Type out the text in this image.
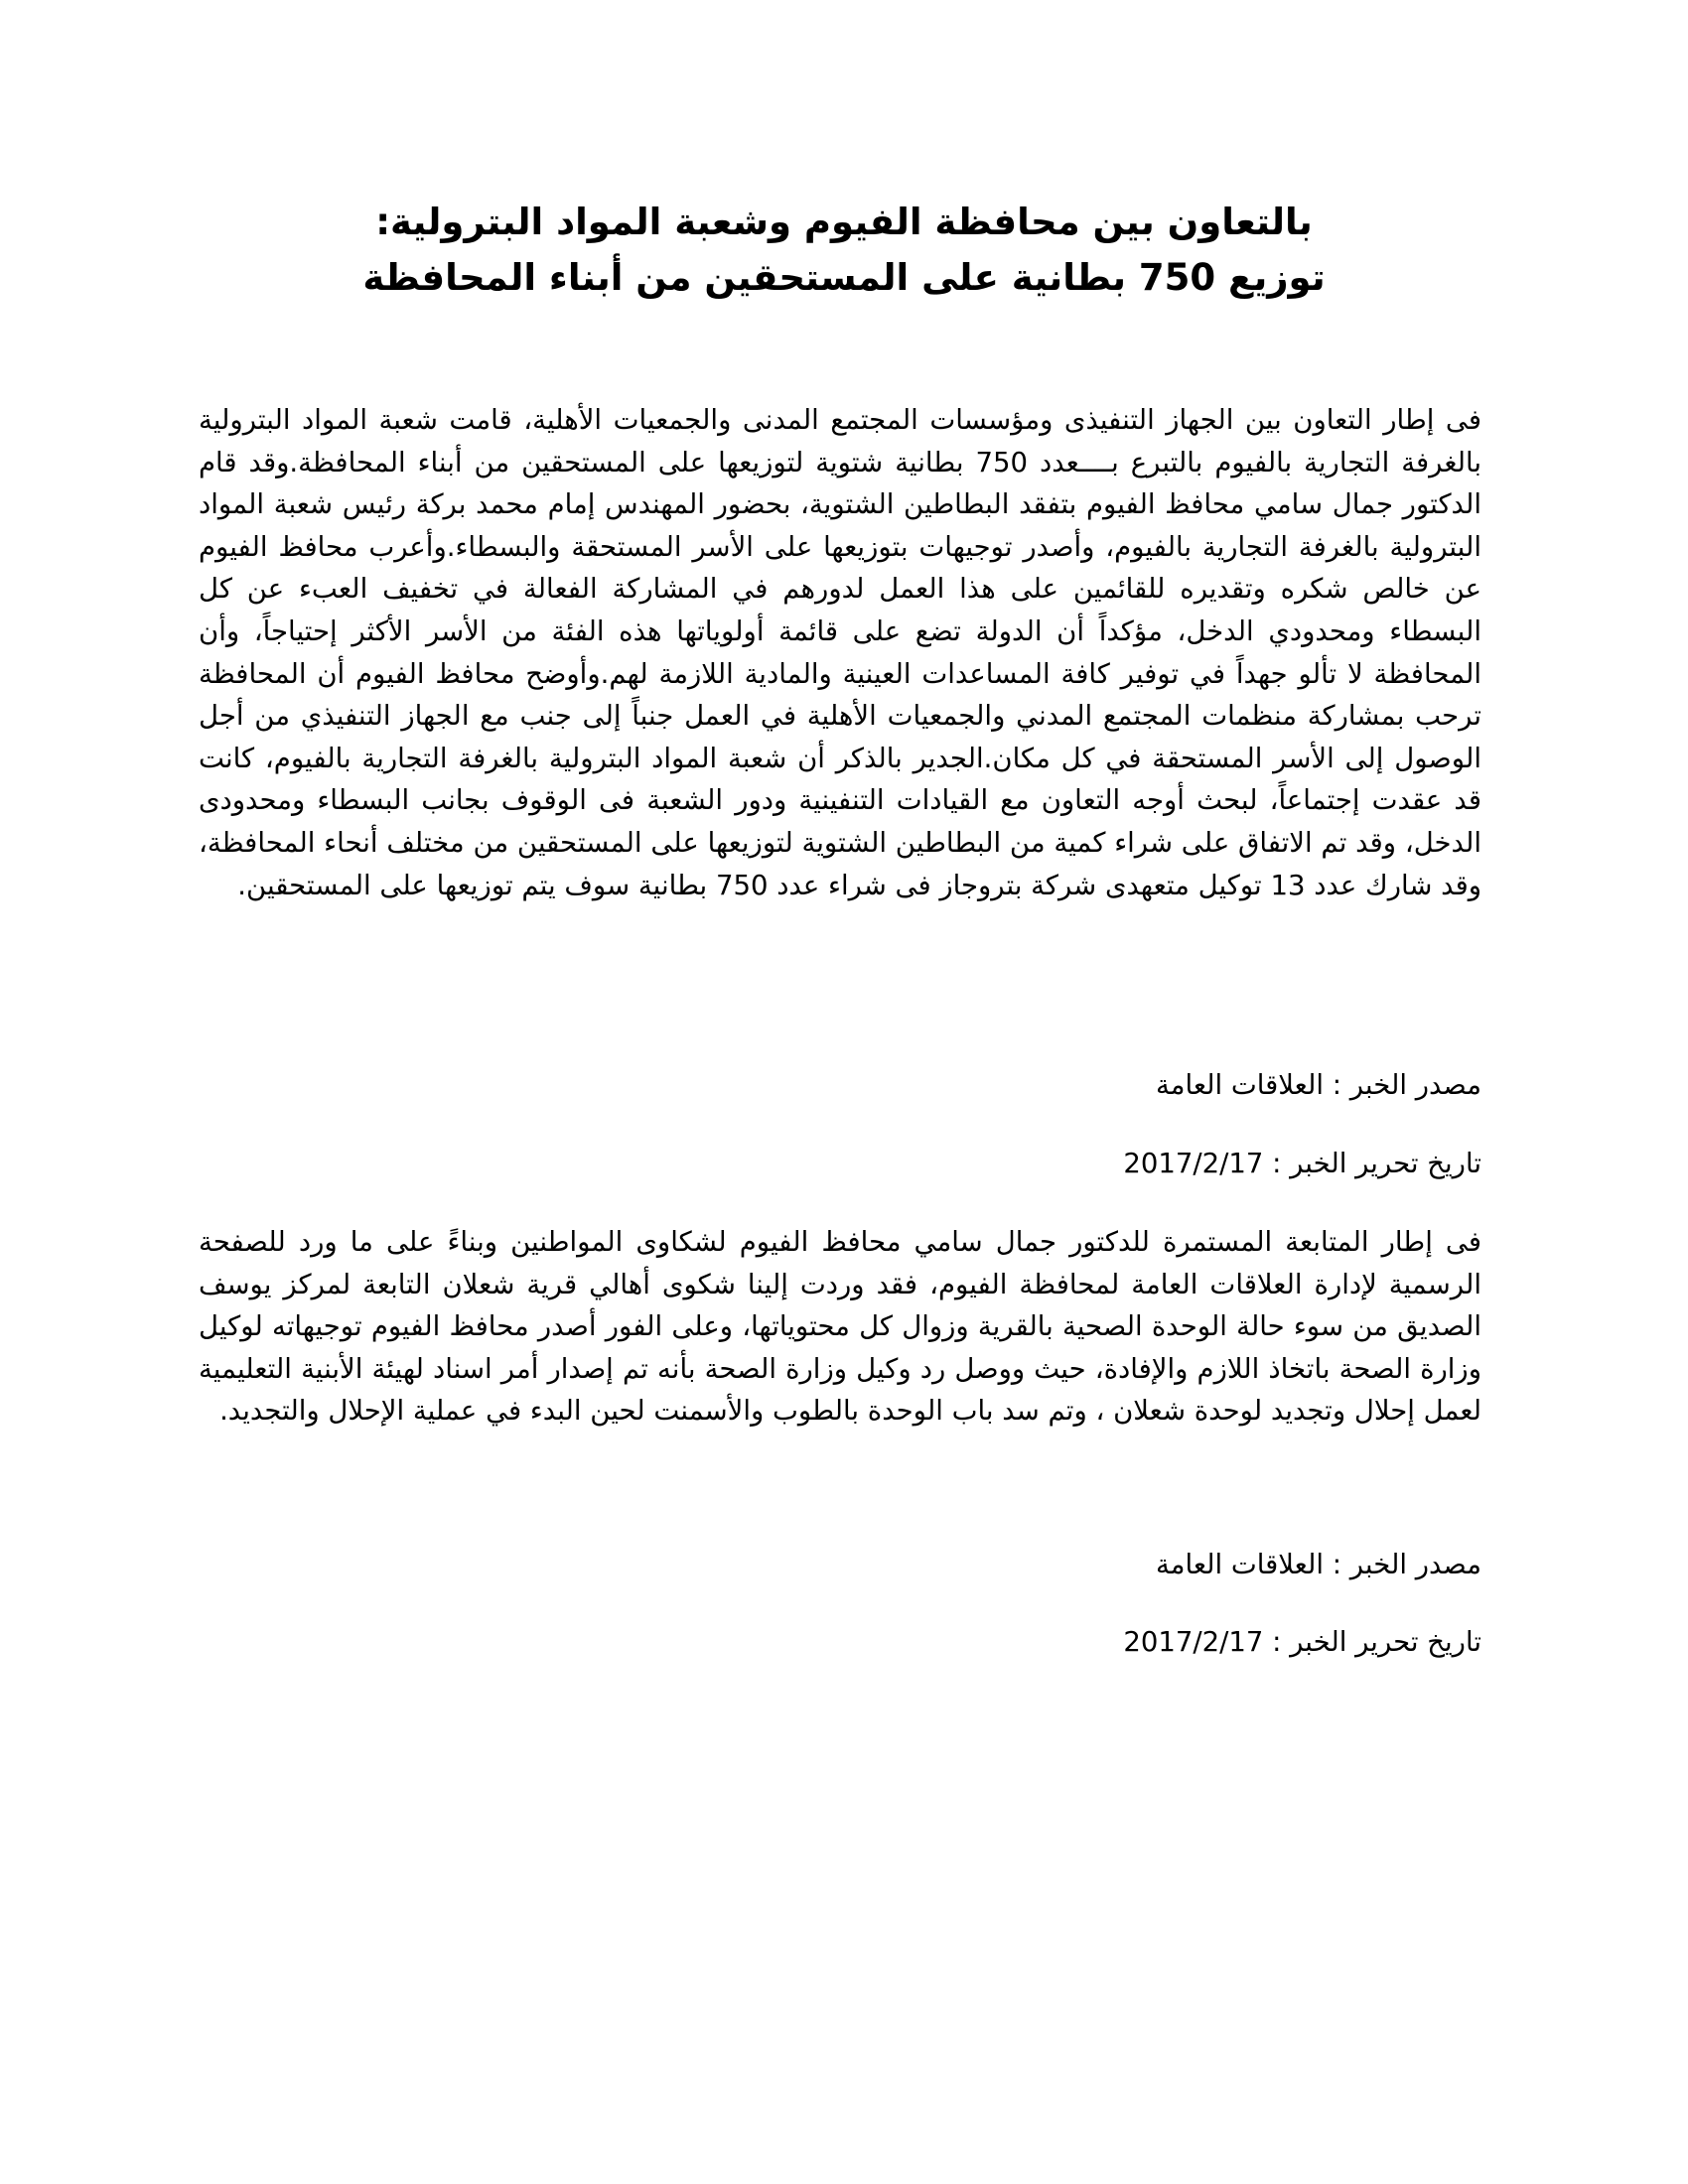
بالتعاون بين محافظة الفيوم وشعبة المواد البترولية:
توزيع 750 بطانية على المستحقين من أبناء المحافظة

فى إطار التعاون بين الجهاز التنفيذى ومؤسسات المجتمع المدنى والجمعيات الأهلية، قامت شعبة المواد البترولية بالغرفة التجارية بالفيوم بالتبرع بــــعدد 750 بطانية شتوية لتوزيعها على المستحقين من أبناء المحافظة.وقد قام الدكتور جمال سامي محافظ الفيوم بتفقد البطاطين الشتوية، بحضور المهندس إمام محمد بركة رئيس شعبة المواد البترولية بالغرفة التجارية بالفيوم، وأصدر توجيهات بتوزيعها على الأسر المستحقة والبسطاء.وأعرب محافظ الفيوم عن خالص شكره وتقديره للقائمين على هذا العمل لدورهم في المشاركة الفعالة في تخفيف العبء عن كل البسطاء ومحدودي الدخل، مؤكداً أن الدولة تضع على قائمة أولوياتها هذه الفئة من الأسر الأكثر إحتياجاً، وأن المحافظة لا تألو جهداً في توفير كافة المساعدات العينية والمادية اللازمة لهم.وأوضح محافظ الفيوم أن المحافظة ترحب بمشاركة منظمات المجتمع المدني والجمعيات الأهلية في العمل جنباً إلى جنب مع الجهاز التنفيذي من أجل الوصول إلى الأسر المستحقة في كل مكان.الجدير بالذكر أن شعبة المواد البترولية بالغرفة التجارية بالفيوم، كانت قد عقدت إجتماعاً، لبحث أوجه التعاون مع القيادات التنفينية ودور الشعبة فى الوقوف بجانب البسطاء ومحدودى الدخل، وقد تم الاتفاق على شراء كمية من البطاطين الشتوية لتوزيعها على المستحقين من مختلف أنحاء المحافظة، وقد شارك عدد 13 توكيل متعهدى شركة بتروجاز فى شراء عدد 750 بطانية سوف يتم توزيعها على المستحقين.

مصدر الخبر : العلاقات العامة
تاريخ تحرير الخبر : 2017/2/17

فى إطار المتابعة المستمرة للدكتور جمال سامي محافظ الفيوم لشكاوى المواطنين وبناءً على ما ورد للصفحة الرسمية لإدارة العلاقات العامة لمحافظة الفيوم، فقد وردت إلينا شكوى أهالي قرية شعلان التابعة لمركز يوسف الصديق من سوء حالة الوحدة الصحية بالقرية وزوال كل محتوياتها، وعلى الفور أصدر محافظ الفيوم توجيهاته لوكيل وزارة الصحة باتخاذ اللازم والإفادة، حيث ووصل رد وكيل وزارة الصحة بأنه تم إصدار أمر اسناد لهيئة الأبنية التعليمية لعمل إحلال وتجديد لوحدة شعلان ، وتم سد باب الوحدة بالطوب والأسمنت لحين البدء في عملية الإحلال والتجديد.

مصدر الخبر : العلاقات العامة
تاريخ تحرير الخبر : 2017/2/17
